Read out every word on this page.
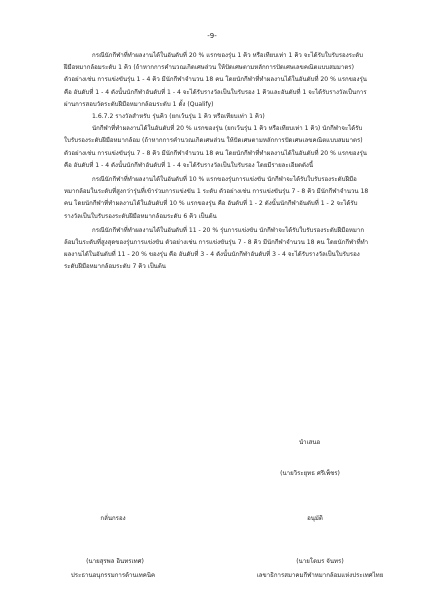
-9-

กรณีนักกีฬาที่ทำผลงานได้ในอันดับที่ 20 % แรกของรุ่น 1 คิว หรือเทียบเท่า 1 คิว จะได้รับใบรับรองระดับฝีมือหมากล้อมระดับ 1 คิว (ถ้าหากการคำนวณเกิดเศษส่วน ให้ปัดเศษตามหลักการปัดเศษเลขคณิตแบบสมมาตร) ตัวอย่างเช่น การแข่งขันรุ่น 1 - 4 คิว มีนักกีฬาจำนวน 18 คน โดยนักกีฬาที่ทำผลงานได้ในอันดับที่ 20 % แรกของรุ่น คือ อันดับที่ 1 - 4 ดังนั้นนักกีฬาอันดับที่ 1 - 4 จะได้รับรางวัลเป็นใบรับรอง 1 คิวและอันดับที่ 1 จะได้รับรางวัลเป็นการผ่านการสอบวัดระดับฝีมือหมากล้อมระดับ 1 ดั้ง (Qualify)

1.6.7.2 รางวัลสำหรับ รุ่นคิว (ยกเว้นรุ่น 1 คิว หรือเทียบเท่า 1 คิว)

นักกีฬาที่ทำผลงานได้ในอันดับที่ 20 % แรกของรุ่น (ยกเว้นรุ่น 1 คิว หรือเทียบเท่า 1 คิว) นักกีฬาจะได้รับใบรับรองระดับฝีมือหมากล้อม (ถ้าหากการคำนวณเกิดเศษส่วน ให้ปัดเศษตามหลักการปัดเศษเลขคณิตแบบสมมาตร) ตัวอย่างเช่น การแข่งขันรุ่น 7 - 8 คิว มีนักกีฬาจำนวน 18 คน โดยนักกีฬาที่ทำผลงานได้ในอันดับที่ 20 % แรกของรุ่น คือ อันดับที่ 1 - 4 ดังนั้นนักกีฬาอันดับที่ 1 - 4 จะได้รับรางวัลเป็นใบรับรอง โดยมีรายละเอียดดังนี้

กรณีนักกีฬาที่ทำผลงานได้ในอันดับที่ 10 % แรกของรุ่นการแข่งขัน นักกีฬาจะได้รับใบรับรองระดับฝีมือหมากล้อมในระดับที่สูงกว่ารุ่นที่เข้าร่วมการแข่งขัน 1 ระดับ ตัวอย่างเช่น การแข่งขันรุ่น 7 - 8 คิว มีนักกีฬาจำนวน 18 คน โดยนักกีฬาที่ทำผลงานได้ในอันดับที่ 10 % แรกของรุ่น คือ อันดับที่ 1 - 2 ดังนั้นนักกีฬาอันดับที่ 1 - 2 จะได้รับรางวัลเป็นใบรับรองระดับฝีมือหมากล้อมระดับ 6 คิว เป็นต้น

กรณีนักกีฬาที่ทำผลงานได้ในอันดับที่ 11 - 20 % รุ่นการแข่งขัน นักกีฬาจะได้รับใบรับรองระดับฝีมือหมากล้อมในระดับที่สูงสุดของรุ่นการแข่งขัน ตัวอย่างเช่น การแข่งขันรุ่น 7 - 8 คิว มีนักกีฬาจำนวน 18 คน โดยนักกีฬาที่ทำผลงานได้ในอันดับที่ 11 - 20 % ของรุ่น คือ อันดับที่ 3 - 4 ดังนั้นนักกีฬาอันดับที่ 3 - 4 จะได้รับรางวัลเป็นใบรับรองระดับฝีมือหมากล้อมระดับ 7 คิว เป็นต้น

นำเสนอ
(นายวิระยุทธ ศรีเพ็ชร)
กลั่นกรอง	อนุมัติ
(นายสุรพล อินทรเทศ)	(นายโดมร จันทร)
ประธานอนุกรรมการด้านเทคนิค	เลขาธิการสมาคมกีฬาหมากล้อมแห่งประเทศไทย
